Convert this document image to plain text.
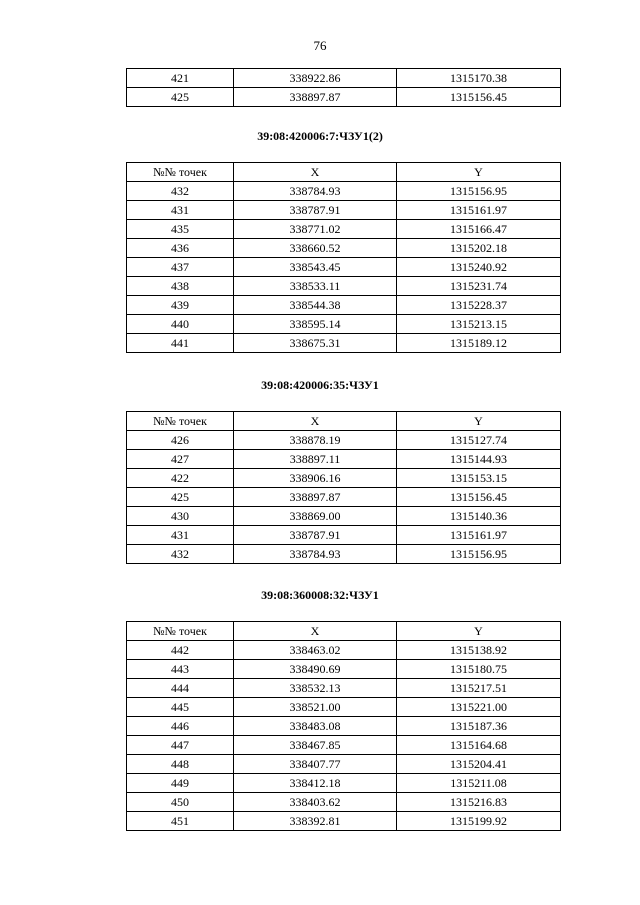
76
421	338922.86	1315170.38
425	338897.87	1315156.45
39:08:420006:7:ЧЗУ1(2)
№№ точек	X	Y
432	338784.93	1315156.95
431	338787.91	1315161.97
435	338771.02	1315166.47
436	338660.52	1315202.18
437	338543.45	1315240.92
438	338533.11	1315231.74
439	338544.38	1315228.37
440	338595.14	1315213.15
441	338675.31	1315189.12
39:08:420006:35:ЧЗУ1
№№ точек	X	Y
426	338878.19	1315127.74
427	338897.11	1315144.93
422	338906.16	1315153.15
425	338897.87	1315156.45
430	338869.00	1315140.36
431	338787.91	1315161.97
432	338784.93	1315156.95
39:08:360008:32:ЧЗУ1
№№ точек	X	Y
442	338463.02	1315138.92
443	338490.69	1315180.75
444	338532.13	1315217.51
445	338521.00	1315221.00
446	338483.08	1315187.36
447	338467.85	1315164.68
448	338407.77	1315204.41
449	338412.18	1315211.08
450	338403.62	1315216.83
451	338392.81	1315199.92
